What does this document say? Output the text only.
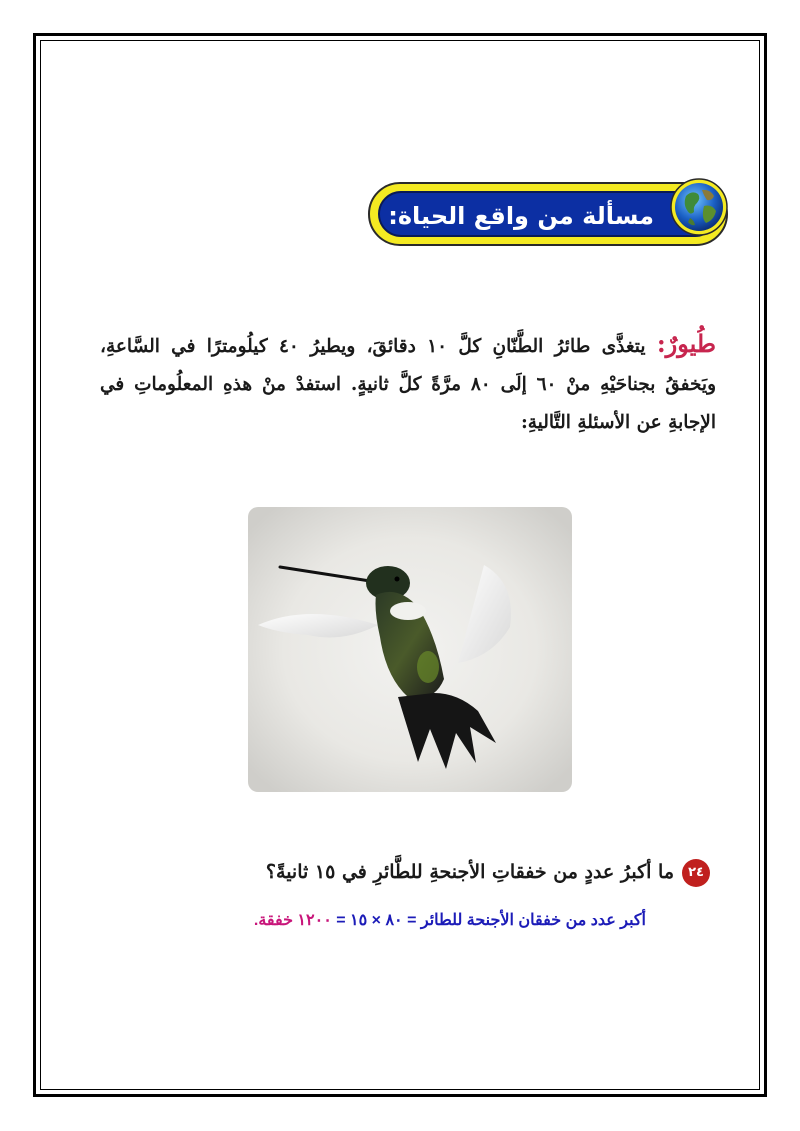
مسألة من واقع الحياة:
طُيورٌ: يتغذَّى طائرُ الطَّنّانِ كلَّ ١٠ دقائقَ، ويطيرُ ٤٠ كيلُومترًا في السَّاعةِ، ويَخفقُ بجناحَيْهِ منْ ٦٠ إلَى ٨٠ مرَّةً كلَّ ثانيةٍ. استفدْ منْ هذهِ المعلُوماتِ في الإجابةِ عن الأسئلةِ التَّاليةِ:
٢٤ما أكبرُ عددٍ من خفقاتِ الأجنحةِ للطَّائرِ في ١٥ ثانيةً؟
أكبر عدد من خفقان الأجنحة للطائر = ٨٠ × ١٥ = ١٢٠٠ خفقة.
